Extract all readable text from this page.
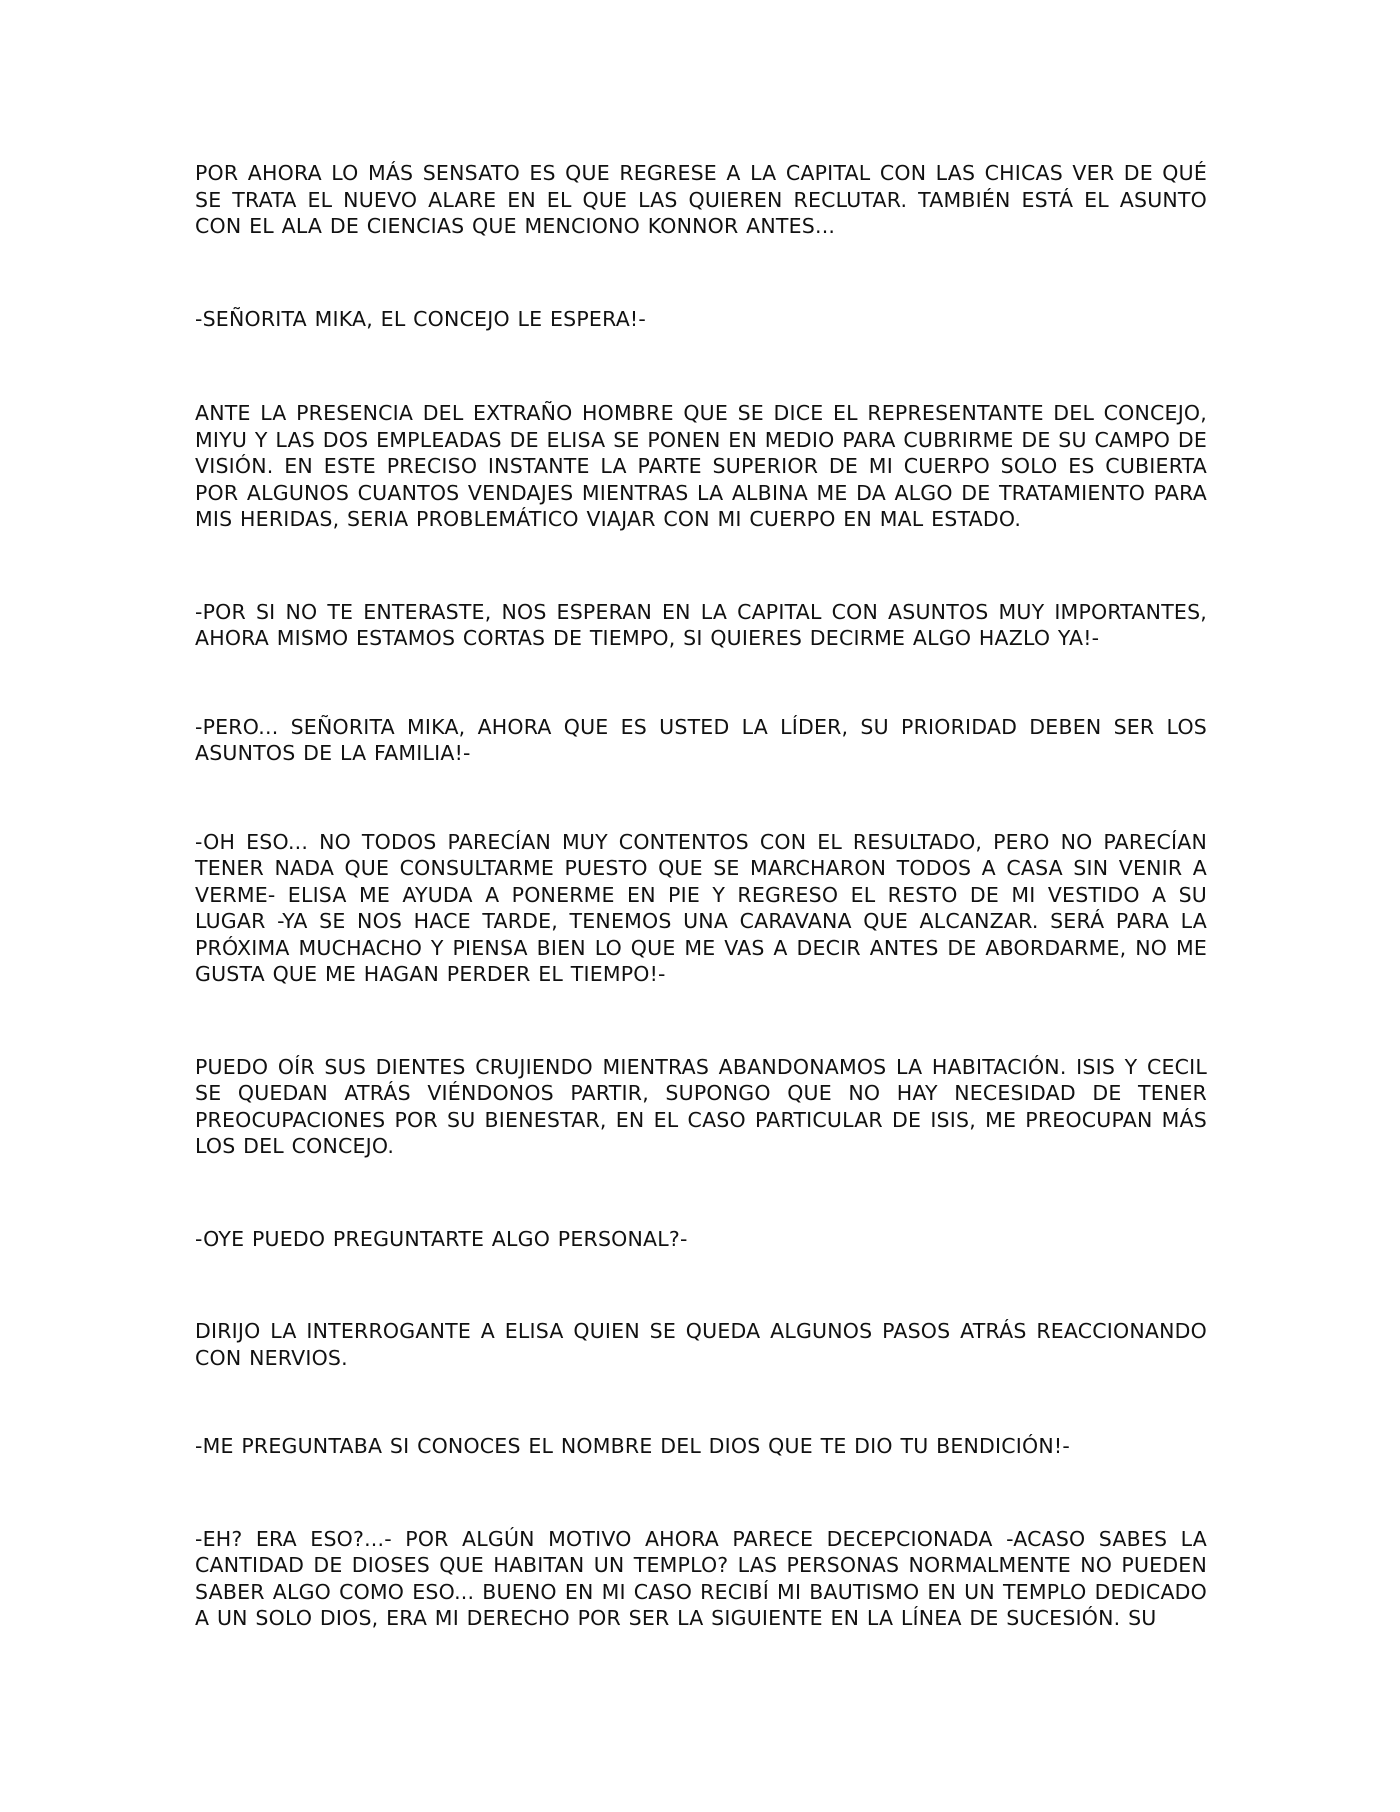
POR AHORA LO MÁS SENSATO ES QUE REGRESE A LA CAPITAL CON LAS CHICAS VER DE QUÉ SE TRATA EL NUEVO ALARE EN EL QUE LAS QUIEREN RECLUTAR. TAMBIÉN ESTÁ EL ASUNTO CON EL ALA DE CIENCIAS QUE MENCIONO KONNOR ANTES...

-SEÑORITA MIKA, EL CONCEJO LE ESPERA!-

ANTE LA PRESENCIA DEL EXTRAÑO HOMBRE QUE SE DICE EL REPRESENTANTE DEL CONCEJO, MIYU Y LAS DOS EMPLEADAS DE ELISA SE PONEN EN MEDIO PARA CUBRIRME DE SU CAMPO DE VISIÓN. EN ESTE PRECISO INSTANTE LA PARTE SUPERIOR DE MI CUERPO SOLO ES CUBIERTA POR ALGUNOS CUANTOS VENDAJES MIENTRAS LA ALBINA ME DA ALGO DE TRATAMIENTO PARA MIS HERIDAS, SERIA PROBLEMÁTICO VIAJAR CON MI CUERPO EN MAL ESTADO.

-POR SI NO TE ENTERASTE, NOS ESPERAN EN LA CAPITAL CON ASUNTOS MUY IMPORTANTES, AHORA MISMO ESTAMOS CORTAS DE TIEMPO, SI QUIERES DECIRME ALGO HAZLO YA!-

-PERO... SEÑORITA MIKA, AHORA QUE ES USTED LA LÍDER, SU PRIORIDAD DEBEN SER LOS ASUNTOS DE LA FAMILIA!-

-OH ESO... NO TODOS PARECÍAN MUY CONTENTOS CON EL RESULTADO, PERO NO PARECÍAN TENER NADA QUE CONSULTARME PUESTO QUE SE MARCHARON TODOS A CASA SIN VENIR A VERME- ELISA ME AYUDA A PONERME EN PIE Y REGRESO EL RESTO DE MI VESTIDO A SU LUGAR -YA SE NOS HACE TARDE, TENEMOS UNA CARAVANA QUE ALCANZAR. SERÁ PARA LA PRÓXIMA MUCHACHO Y PIENSA BIEN LO QUE ME VAS A DECIR ANTES DE ABORDARME, NO ME GUSTA QUE ME HAGAN PERDER EL TIEMPO!-

PUEDO OÍR SUS DIENTES CRUJIENDO MIENTRAS ABANDONAMOS LA HABITACIÓN. ISIS Y CECIL SE QUEDAN ATRÁS VIÉNDONOS PARTIR, SUPONGO QUE NO HAY NECESIDAD DE TENER PREOCUPACIONES POR SU BIENESTAR, EN EL CASO PARTICULAR DE ISIS, ME PREOCUPAN MÁS LOS DEL CONCEJO.

-OYE PUEDO PREGUNTARTE ALGO PERSONAL?-

DIRIJO LA INTERROGANTE A ELISA QUIEN SE QUEDA ALGUNOS PASOS ATRÁS REACCIONANDO CON NERVIOS.

-ME PREGUNTABA SI CONOCES EL NOMBRE DEL DIOS QUE TE DIO TU BENDICIÓN!-

-EH? ERA ESO?...- POR ALGÚN MOTIVO AHORA PARECE DECEPCIONADA -ACASO SABES LA CANTIDAD DE DIOSES QUE HABITAN UN TEMPLO? LAS PERSONAS NORMALMENTE NO PUEDEN SABER ALGO COMO ESO... BUENO EN MI CASO RECIBÍ MI BAUTISMO EN UN TEMPLO DEDICADO A UN SOLO DIOS, ERA MI DERECHO POR SER LA SIGUIENTE EN LA LÍNEA DE SUCESIÓN. SU
